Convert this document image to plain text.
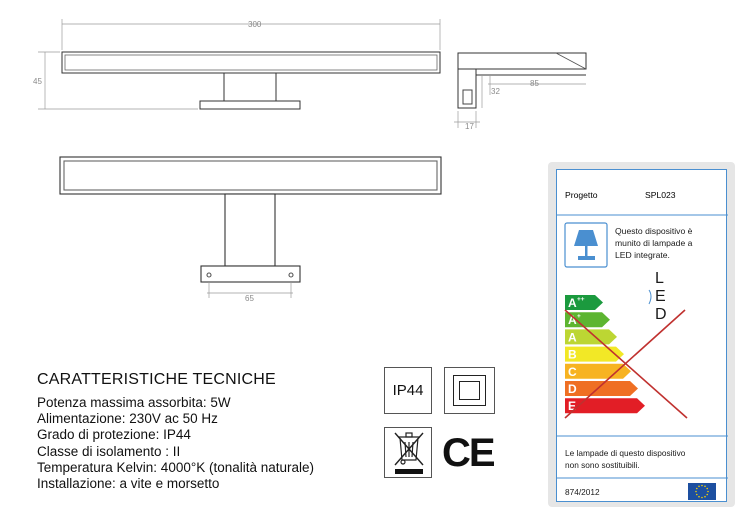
300
45	85
32
17
65
CARATTERISTICHE TECNICHE
Potenza massima assorbita: 5W
Alimentazione: 230V ac 50 Hz
Grado di protezione: IP44
Classe di isolamento : II
Temperatura Kelvin: 4000°K (tonalità naturale)
Installazione: a vite e morsetto
IP44
CE
Progetto	SPL023
Questo dispositivo è
munito di lampade a
LED integrate.
A ++
A +
A
B
C
D
E
L
E
D
Le lampade di questo dispositivo
non sono sostituibili.
874/2012
